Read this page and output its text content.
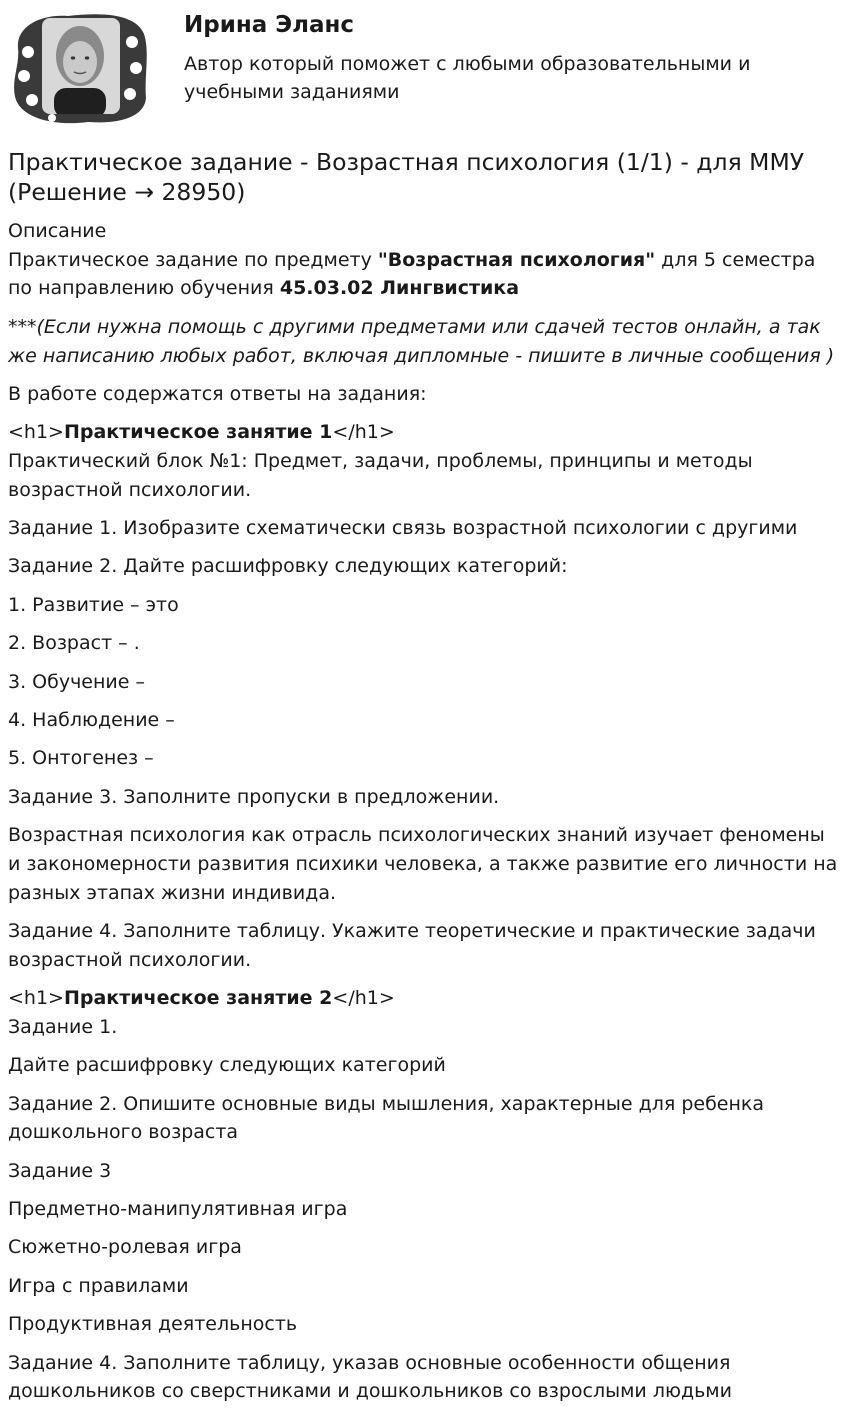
Ирина Эланс

Автор который поможет с любыми образовательными и учебными заданиями

Практическое задание - Возрастная психология (1/1) - для ММУ (Решение → 28950)
Описание
Практическое задание по предмету "Возрастная психология" для 5 семестра по направлению обучения 45.03.02 Лингвистика
***(Если нужна помощь с другими предметами или сдачей тестов онлайн, а так же написанию любых работ, включая дипломные - пишите в личные сообщения )
В работе содержатся ответы на задания:
<h1>Практическое занятие 1</h1>
Практический блок №1: Предмет, задачи, проблемы, принципы и методы возрастной психологии.
Задание 1. Изобразите схематически связь возрастной психологии с другими
Задание 2. Дайте расшифровку следующих категорий:
1. Развитие – это
2. Возраст – .
3. Обучение –
4. Наблюдение –
5. Онтогенез –
Задание 3. Заполните пропуски в предложении.
Возрастная психология как отрасль психологических знаний изучает феномены и закономерности развития психики человека, а также развитие его личности на разных этапах жизни индивида.
Задание 4. Заполните таблицу. Укажите теоретические и практические задачи возрастной психологии.
<h1>Практическое занятие 2</h1>
Задание 1.
Дайте расшифровку следующих категорий
Задание 2. Опишите основные виды мышления, характерные для ребенка дошкольного возраста
Задание 3
Предметно-манипулятивная игра
Сюжетно-ролевая игра
Игра с правилами
Продуктивная деятельность
Задание 4. Заполните таблицу, указав основные особенности общения дошкольников со сверстниками и дошкольников со взрослыми людьми
